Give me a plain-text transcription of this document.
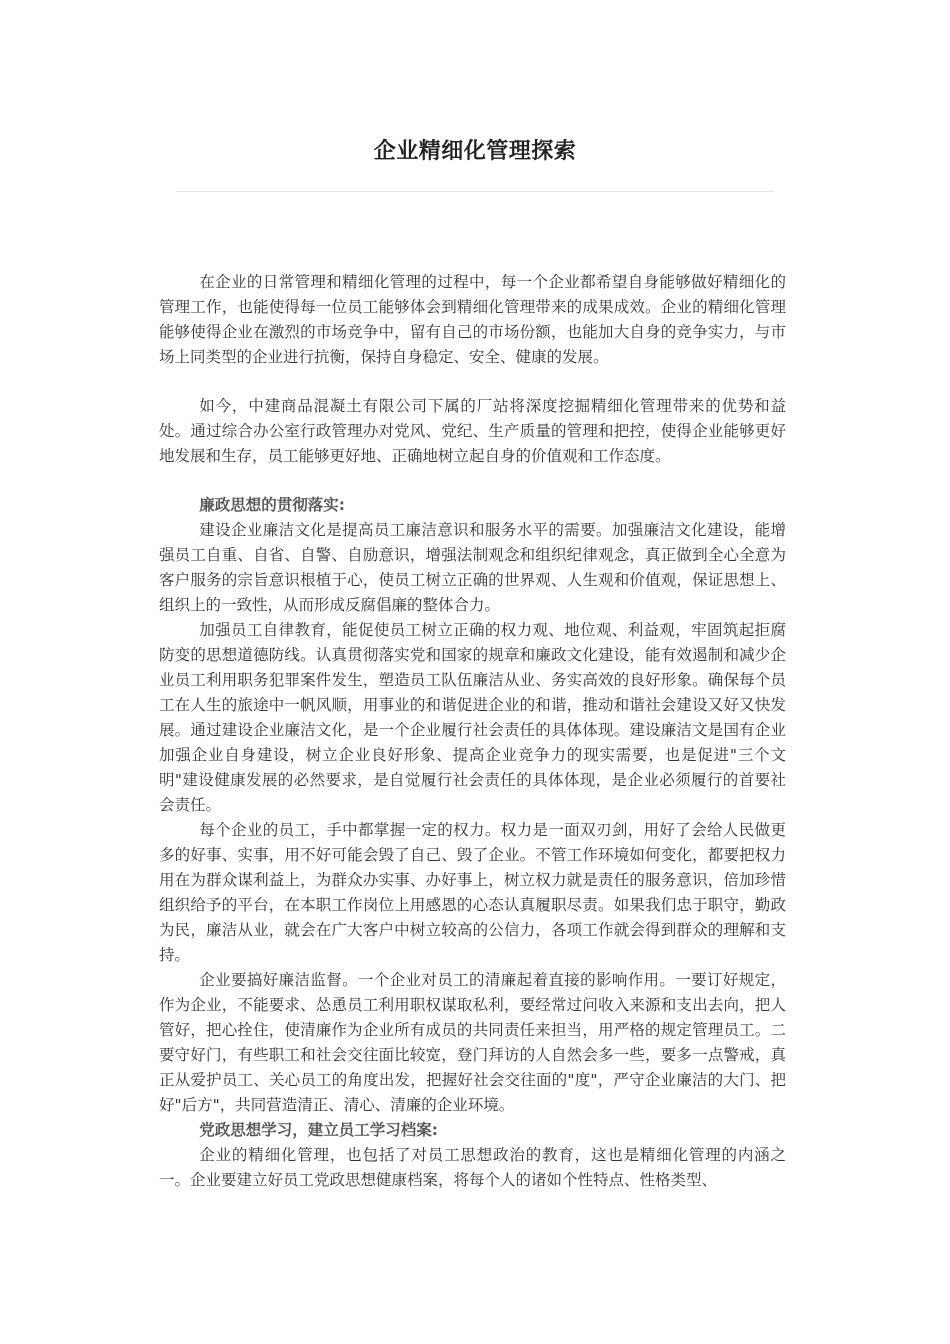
企业精细化管理探索

在企业的日常管理和精细化管理的过程中，每一个企业都希望自身能够做好精细化的管理工作，也能使得每一位员工能够体会到精细化管理带来的成果成效。企业的精细化管理能够使得企业在激烈的市场竞争中，留有自己的市场份额，也能加大自身的竞争实力，与市场上同类型的企业进行抗衡，保持自身稳定、安全、健康的发展。

如今，中建商品混凝土有限公司下属的厂站将深度挖掘精细化管理带来的优势和益处。通过综合办公室行政管理办对党风、党纪、生产质量的管理和把控，使得企业能够更好地发展和生存，员工能够更好地、正确地树立起自身的价值观和工作态度。

廉政思想的贯彻落实:

建设企业廉洁文化是提高员工廉洁意识和服务水平的需要。加强廉洁文化建设，能增强员工自重、自省、自警、自励意识，增强法制观念和组织纪律观念，真正做到全心全意为客户服务的宗旨意识根植于心，使员工树立正确的世界观、人生观和价值观，保证思想上、组织上的一致性，从而形成反腐倡廉的整体合力。

加强员工自律教育，能促使员工树立正确的权力观、地位观、利益观，牢固筑起拒腐防变的思想道德防线。认真贯彻落实党和国家的规章和廉政文化建设，能有效遏制和减少企业员工利用职务犯罪案件发生，塑造员工队伍廉洁从业、务实高效的良好形象。确保每个员工在人生的旅途中一帆风顺，用事业的和谐促进企业的和谐，推动和谐社会建设又好又快发展。通过建设企业廉洁文化，是一个企业履行社会责任的具体体现。建设廉洁文是国有企业加强企业自身建设，树立企业良好形象、提高企业竞争力的现实需要，也是促进"三个文明"建设健康发展的必然要求，是自觉履行社会责任的具体体现，是企业必须履行的首要社会责任。

每个企业的员工，手中都掌握一定的权力。权力是一面双刃剑，用好了会给人民做更多的好事、实事，用不好可能会毁了自己、毁了企业。不管工作环境如何变化，都要把权力用在为群众谋利益上，为群众办实事、办好事上，树立权力就是责任的服务意识，倍加珍惜组织给予的平台，在本职工作岗位上用感恩的心态认真履职尽责。如果我们忠于职守，勤政为民，廉洁从业，就会在广大客户中树立较高的公信力，各项工作就会得到群众的理解和支持。

企业要搞好廉洁监督。一个企业对员工的清廉起着直接的影响作用。一要订好规定，作为企业，不能要求、怂恿员工利用职权谋取私利，要经常过问收入来源和支出去向，把人管好，把心拴住，使清廉作为企业所有成员的共同责任来担当，用严格的规定管理员工。二要守好门，有些职工和社会交往面比较宽，登门拜访的人自然会多一些，要多一点警戒，真正从爱护员工、关心员工的角度出发，把握好社会交往面的"度"，严守企业廉洁的大门、把好"后方"，共同营造清正、清心、清廉的企业环境。

党政思想学习，建立员工学习档案:

企业的精细化管理，也包括了对员工思想政治的教育，这也是精细化管理的内涵之一。企业要建立好员工党政思想健康档案，将每个人的诸如个性特点、性格类型、
